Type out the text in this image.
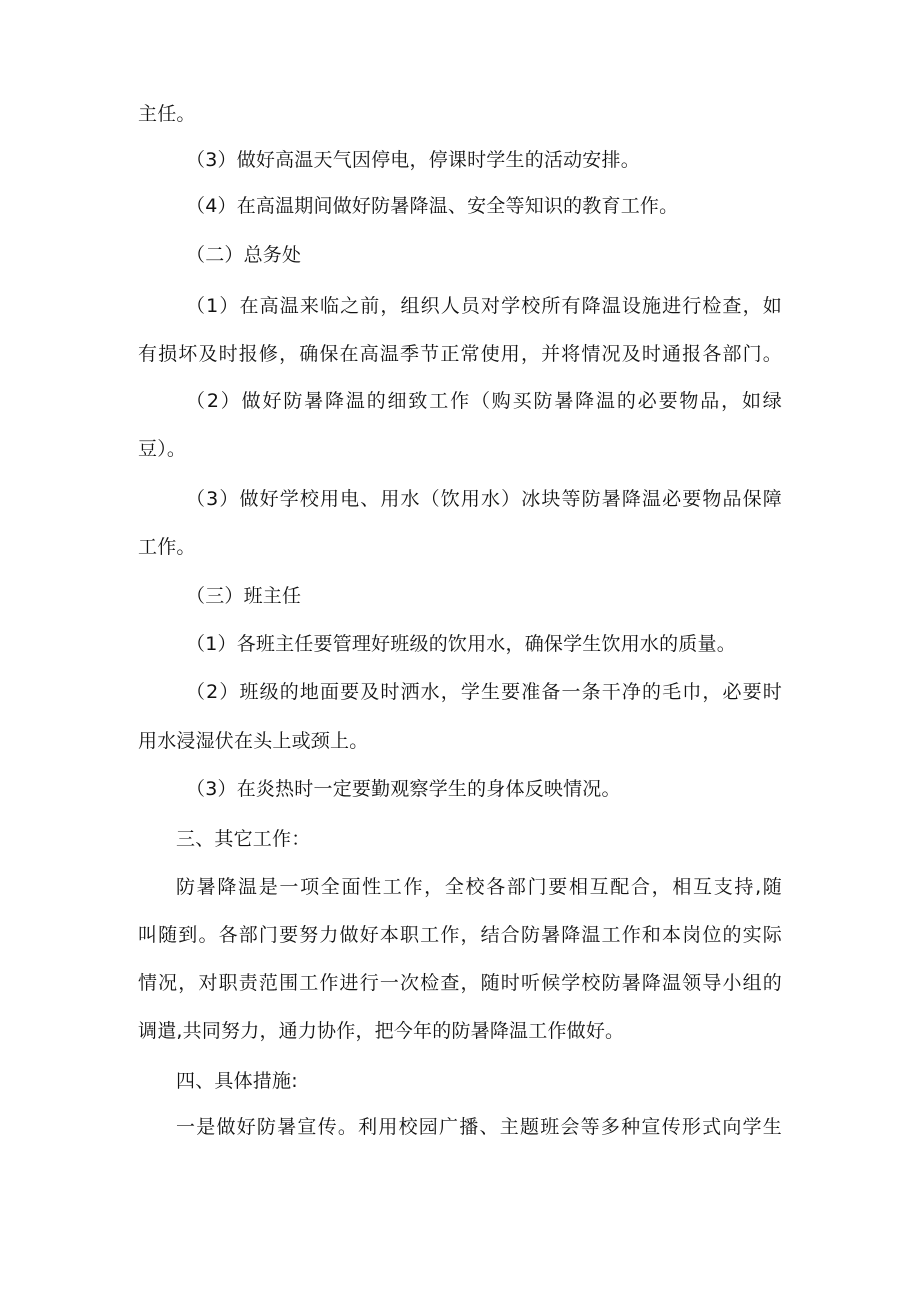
主任。
（3）做好高温天气因停电，停课时学生的活动安排。
（4）在高温期间做好防暑降温、安全等知识的教育工作。
（二）总务处
（1）在高温来临之前，组织人员对学校所有降温设施进行检查，如
有损坏及时报修，确保在高温季节正常使用，并将情况及时通报各部门。
（2）做好防暑降温的细致工作（购买防暑降温的必要物品，如绿
豆）。
（3）做好学校用电、用水（饮用水）冰块等防暑降温必要物品保障
工作。
（三）班主任
（1）各班主任要管理好班级的饮用水，确保学生饮用水的质量。
（2）班级的地面要及时洒水，学生要准备一条干净的毛巾，必要时
用水浸湿伏在头上或颈上。
（3）在炎热时一定要勤观察学生的身体反映情况。
三、其它工作：
防暑降温是一项全面性工作，全校各部门要相互配合，相互支持,随
叫随到。各部门要努力做好本职工作，结合防暑降温工作和本岗位的实际
情况，对职责范围工作进行一次检查，随时听候学校防暑降温领导小组的
调遣,共同努力，通力协作，把今年的防暑降温工作做好。
四、具体措施:
一是做好防暑宣传。利用校园广播、主题班会等多种宣传形式向学生
